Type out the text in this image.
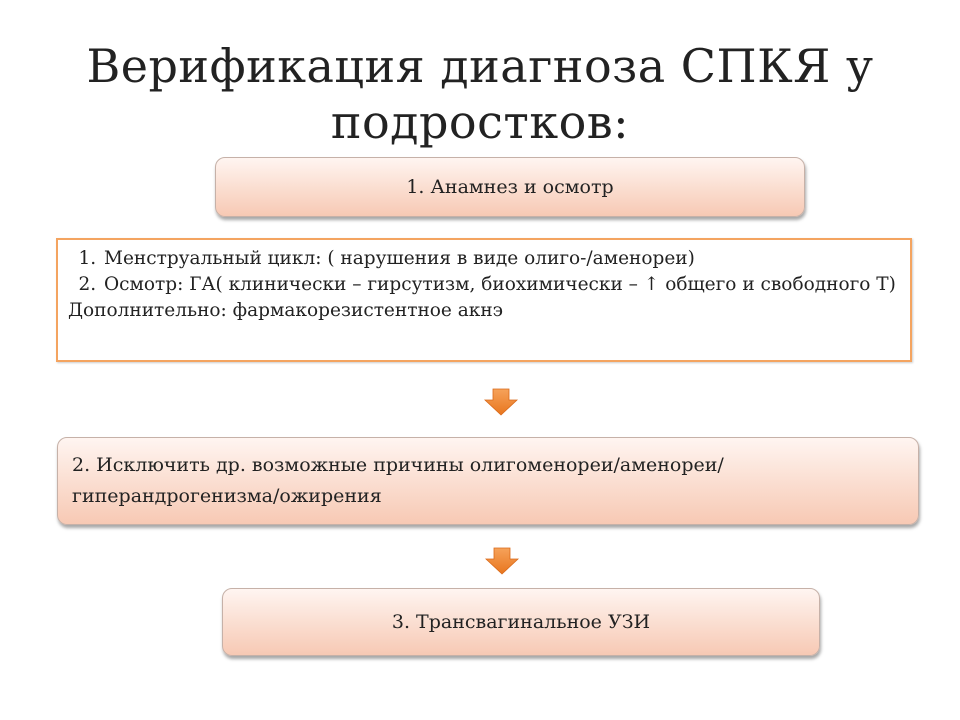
Верификация диагноза СПКЯ у
подростков:
1. Анамнез и осмотр
1. Менструальный цикл: ( нарушения в виде олиго-/аменореи)
2. Осмотр: ГА( клинически – гирсутизм, биохимически – ↑ общего и свободного Т)

Дополнительно: фармакорезистентное акнэ

2. Исключить др. возможные причины олигоменореи/аменореи/гиперандрогенизма/ожирения
3. Трансвагинальное УЗИ
